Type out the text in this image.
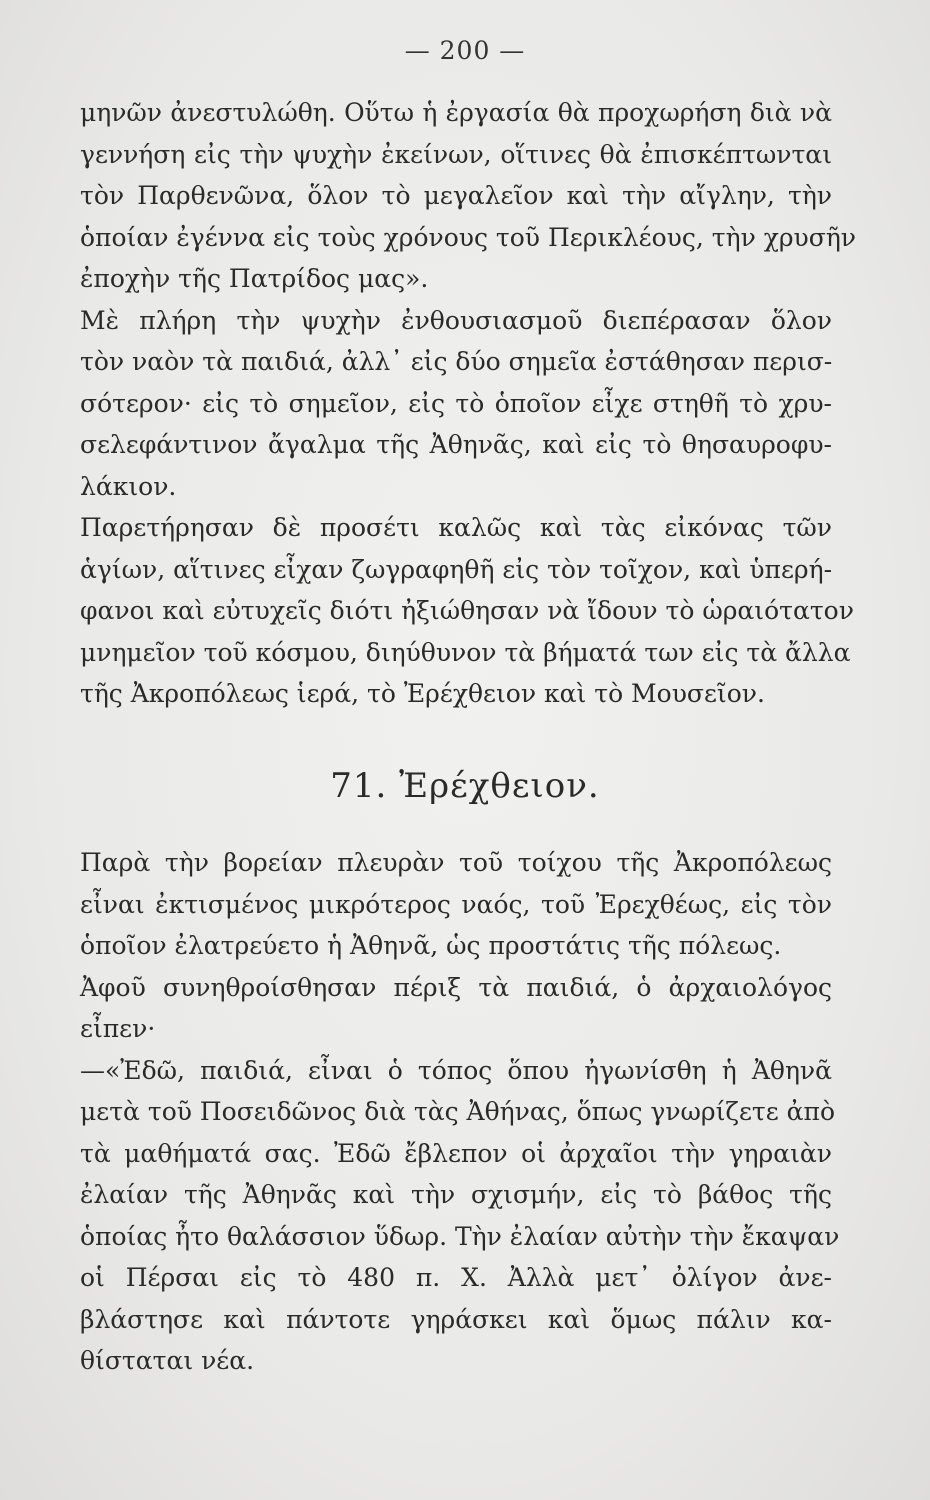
— 200 —
μηνῶν ἀνεστυλώθη. Οὕτω ἡ ἐργασία θὰ προχωρήση διὰ νὰ
γεννήση εἰς τὴν ψυχὴν ἐκείνων, οἵτινες θὰ ἐπισκέπτωνται
τὸν Παρθενῶνα, ὅλον τὸ μεγαλεῖον καὶ τὴν αἴγλην, τὴν
ὁποίαν ἐγέννα εἰς τοὺς χρόνους τοῦ Περικλέους, τὴν χρυσῆν
ἐποχὴν τῆς Πατρίδος μας».
Μὲ πλήρη τὴν ψυχὴν ἐνθουσιασμοῦ διεπέρασαν ὅλον
τὸν ναὸν τὰ παιδιά, ἀλλ᾽ εἰς δύο σημεῖα ἐστάθησαν περισ-
σότερον· εἰς τὸ σημεῖον, εἰς τὸ ὁποῖον εἶχε στηθῆ τὸ χρυ-
σελεφάντινον ἄγαλμα τῆς Ἀθηνᾶς, καὶ εἰς τὸ θησαυροφυ-
λάκιον.
Παρετήρησαν δὲ προσέτι καλῶς καὶ τὰς εἰκόνας τῶν
ἁγίων, αἵτινες εἶχαν ζωγραφηθῆ εἰς τὸν τοῖχον, καὶ ὑπερή-
φανοι καὶ εὐτυχεῖς διότι ἠξιώθησαν νὰ ἴδουν τὸ ὡραιότατον
μνημεῖον τοῦ κόσμου, διηύθυνον τὰ βήματά των εἰς τὰ ἄλλα
τῆς Ἀκροπόλεως ἱερά, τὸ Ἐρέχθειον καὶ τὸ Μουσεῖον.
71. Ἐρέχθειον.
Παρὰ τὴν βορείαν πλευρὰν τοῦ τοίχου τῆς Ἀκροπόλεως
εἶναι ἐκτισμένος μικρότερος ναός, τοῦ Ἐρεχθέως, εἰς τὸν
ὁποῖον ἐλατρεύετο ἡ Ἀθηνᾶ, ὡς προστάτις τῆς πόλεως.
Ἀφοῦ συνηθροίσθησαν πέριξ τὰ παιδιά, ὁ ἀρχαιολόγος
εἶπεν·
—«Ἐδῶ, παιδιά, εἶναι ὁ τόπος ὅπου ἠγωνίσθη ἡ Ἀθηνᾶ
μετὰ τοῦ Ποσειδῶνος διὰ τὰς Ἀθήνας, ὅπως γνωρίζετε ἀπὸ
τὰ μαθήματά σας. Ἐδῶ ἔβλεπον οἱ ἀρχαῖοι τὴν γηραιὰν
ἐλαίαν τῆς Ἀθηνᾶς καὶ τὴν σχισμήν, εἰς τὸ βάθος τῆς
ὁποίας ἦτο θαλάσσιον ὕδωρ. Τὴν ἐλαίαν αὐτὴν τὴν ἔκαψαν
οἱ Πέρσαι εἰς τὸ 480 π. Χ. Ἀλλὰ μετ᾽ ὀλίγον ἀνε-
βλάστησε καὶ πάντοτε γηράσκει καὶ ὅμως πάλιν κα-
θίσταται νέα.
